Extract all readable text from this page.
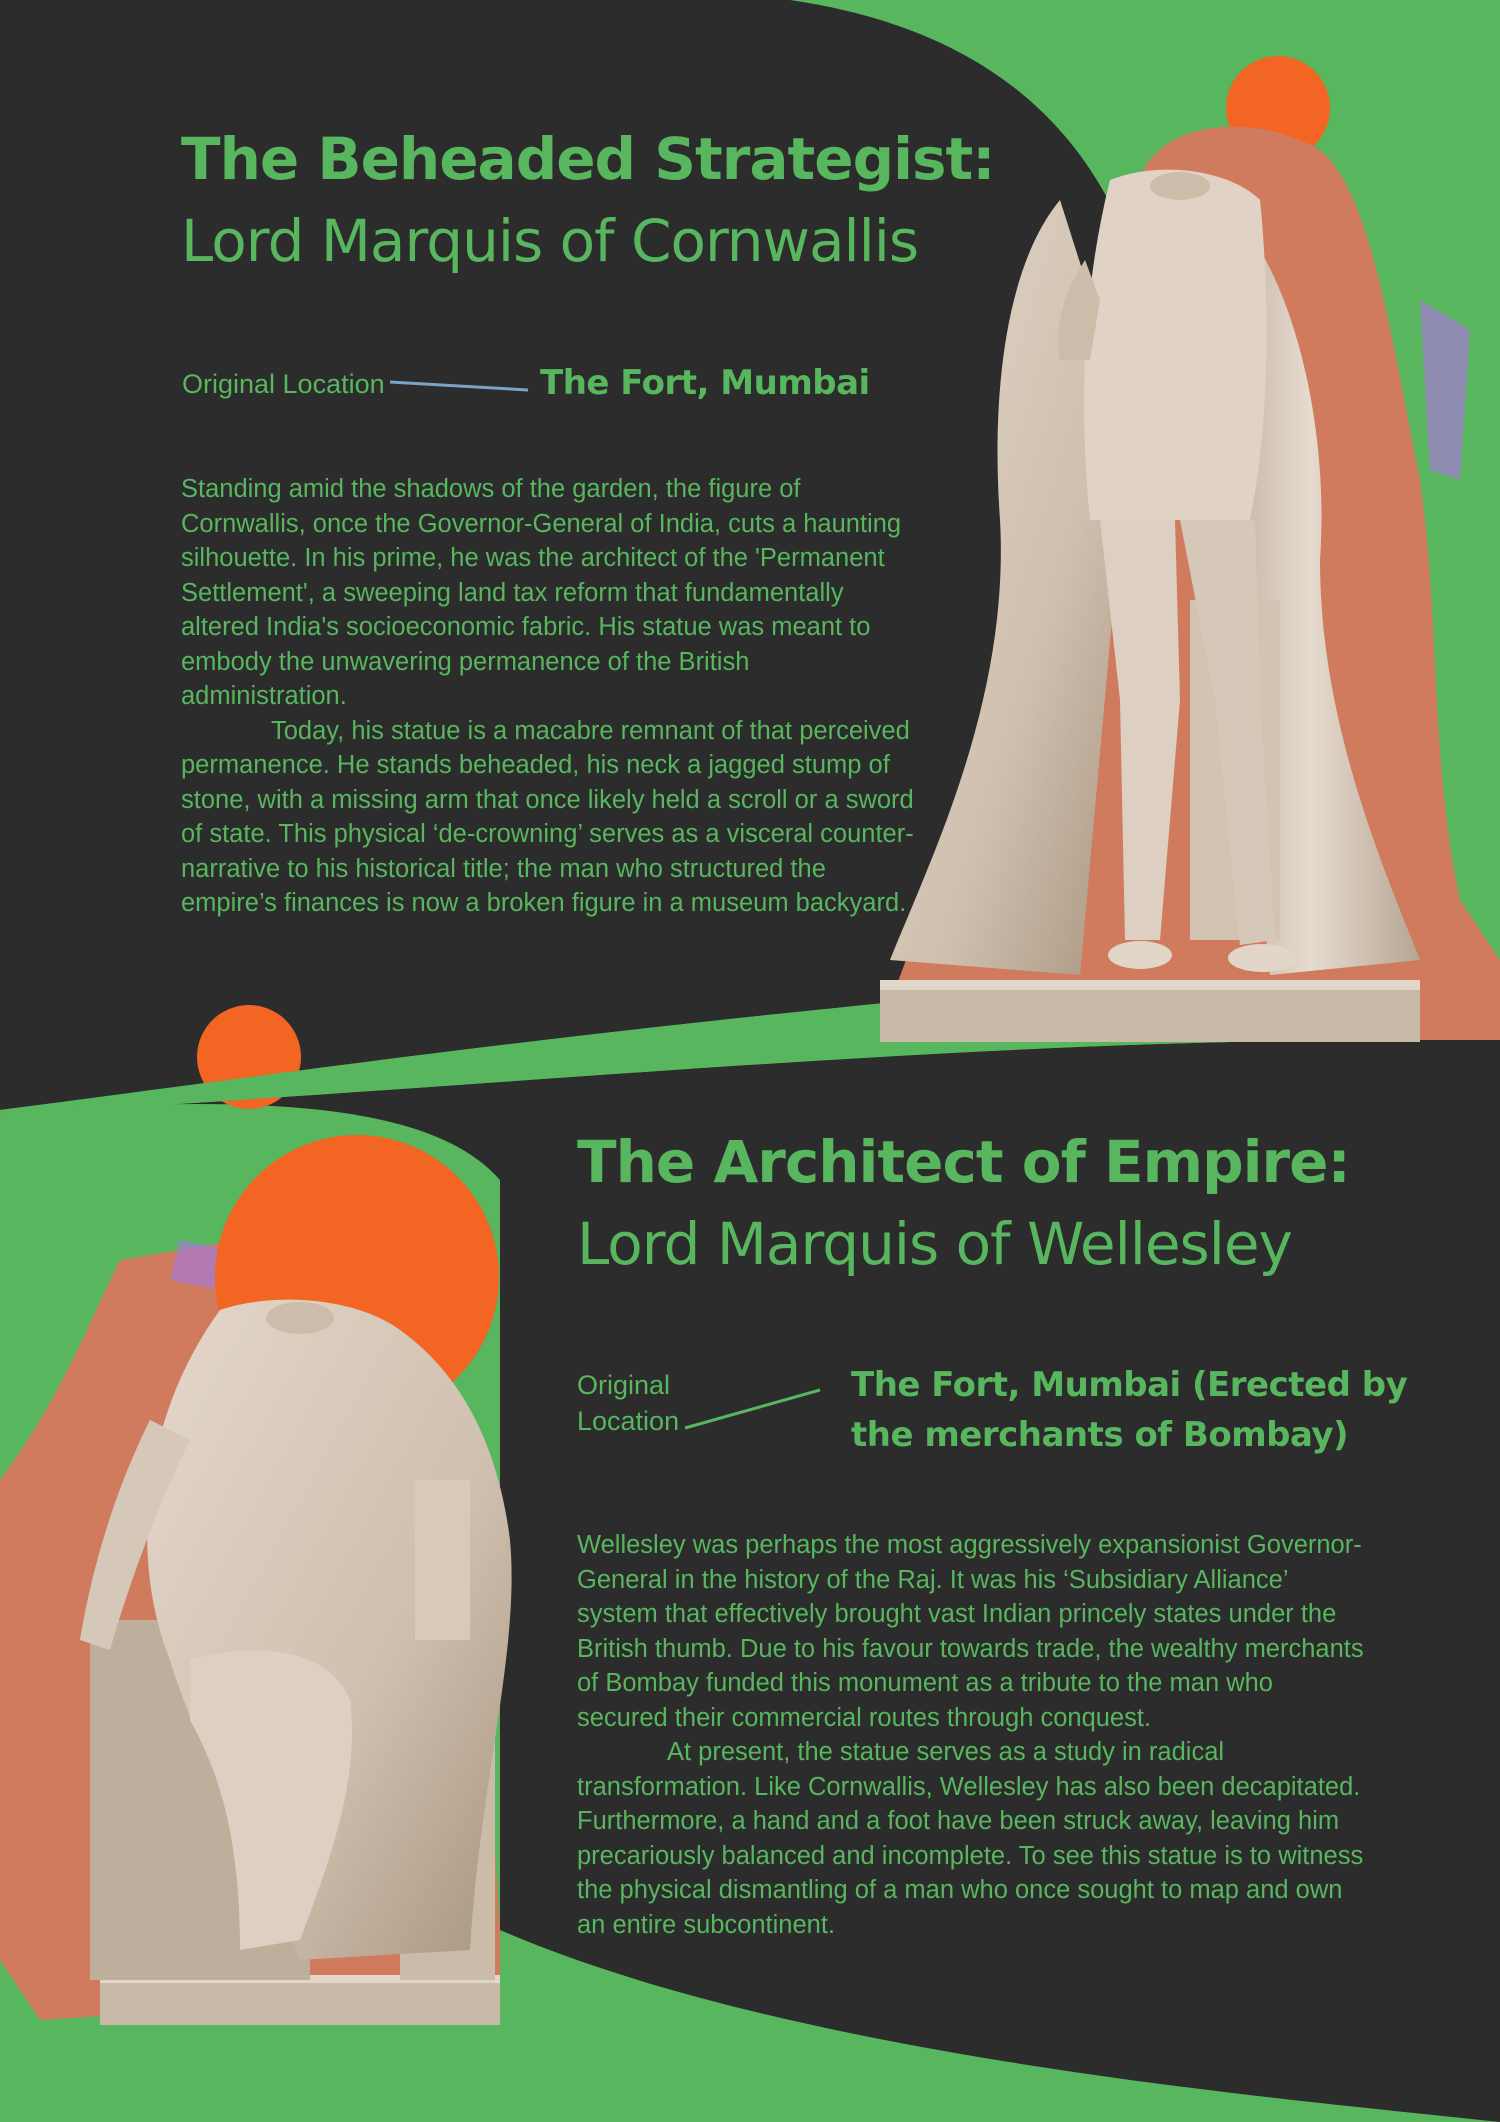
The Beheaded Strategist:
Lord Marquis of Cornwallis
Original Location	The Fort, Mumbai

Standing amid the shadows of the garden, the figure of Cornwallis, once the Governor-General of India, cuts a haunting silhouette. In his prime, he was the architect of the 'Permanent Settlement', a sweeping land tax reform that fundamentally altered India's socioeconomic fabric. His statue was meant to embody the unwavering permanence of the British administration.

Today, his statue is a macabre remnant of that perceived permanence. He stands beheaded, his neck a jagged stump of stone, with a missing arm that once likely held a scroll or a sword of state. This physical ‘de-crowning’ serves as a visceral counter-narrative to his historical title; the man who structured the empire’s finances is now a broken figure in a museum backyard.

The Architect of Empire:
Lord Marquis of Wellesley
Original
Location
The Fort, Mumbai (Erected by the merchants of Bombay)

Wellesley was perhaps the most aggressively expansionist Governor-General in the history of the Raj. It was his ‘Subsidiary Alliance’ system that effectively brought vast Indian princely states under the British thumb. Due to his favour towards trade, the wealthy merchants of Bombay funded this monument as a tribute to the man who secured their commercial routes through conquest.

At present, the statue serves as a study in radical transformation. Like Cornwallis, Wellesley has also been decapitated. Furthermore, a hand and a foot have been struck away, leaving him precariously balanced and incomplete. To see this statue is to witness the physical dismantling of a man who once sought to map and own an entire subcontinent.
